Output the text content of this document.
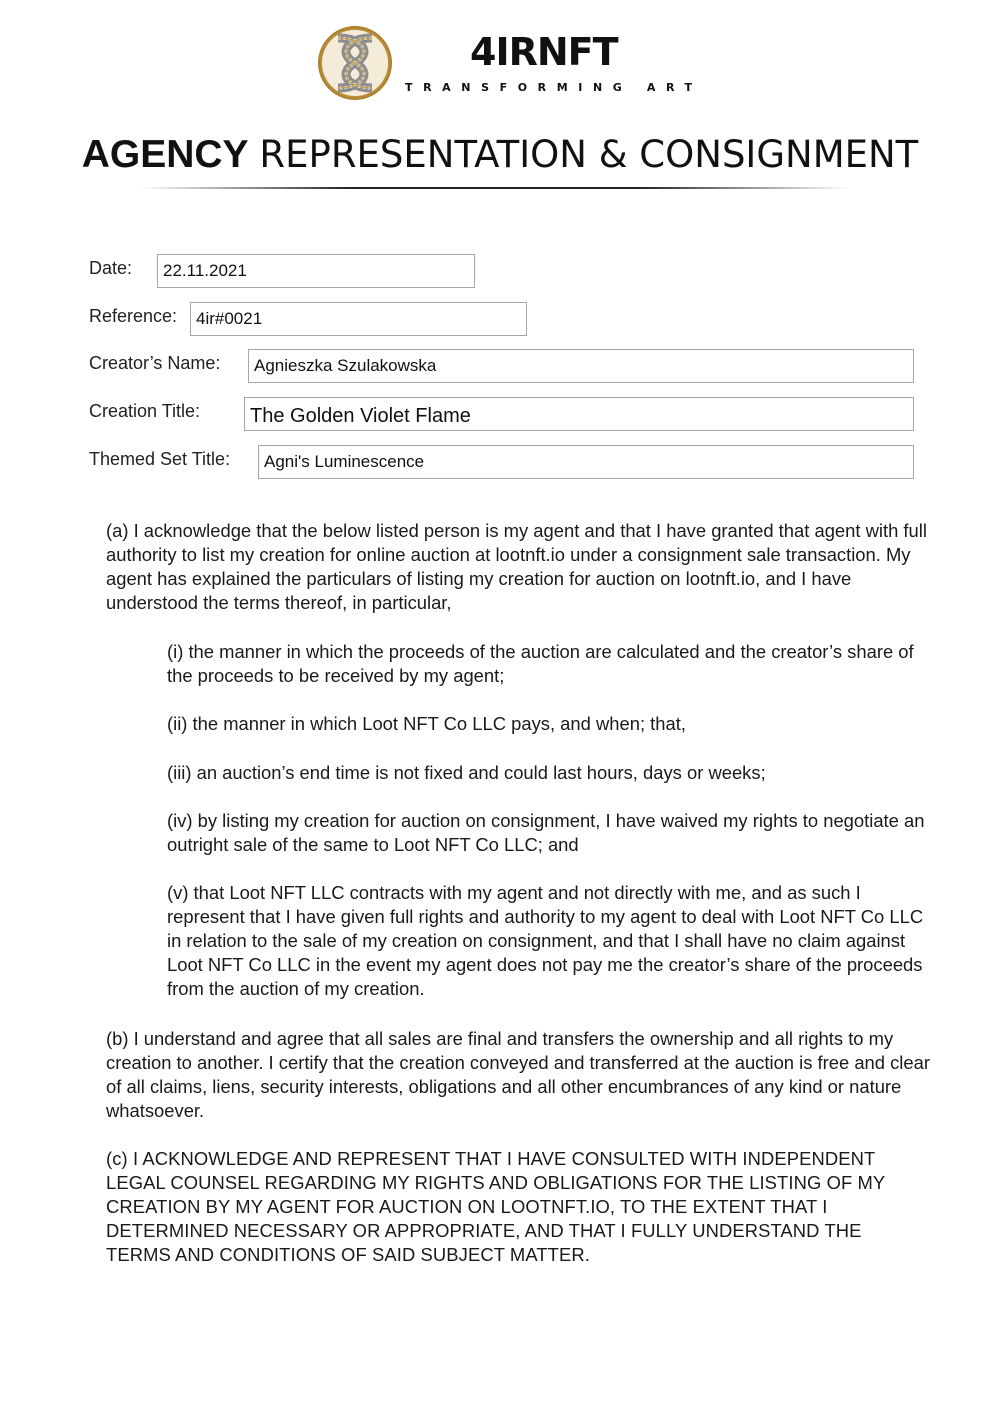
4IRNFT
TRANSFORMING ART
AGENCY REPRESENTATION & CONSIGNMENT
Date:	22.11.2021
Reference:	4ir#0021
Creator’s Name:	Agnieszka Szulakowska
Creation Title:	The Golden Violet Flame
Themed Set Title:	Agni's Luminescence

(a) I acknowledge that the below listed person is my agent and that I have granted that agent with full authority to list my creation for online auction at lootnft.io under a consignment sale transaction. My agent has explained the particulars of listing my creation for auction on lootnft.io, and I have understood the terms thereof, in particular,

(i) the manner in which the proceeds of the auction are calculated and the creator’s share of the proceeds to be received by my agent;

(ii) the manner in which Loot NFT Co LLC pays, and when; that,

(iii) an auction’s end time is not fixed and could last hours, days or weeks;

(iv) by listing my creation for auction on consignment, I have waived my rights to negotiate an outright sale of the same to Loot NFT Co LLC; and

(v) that Loot NFT LLC contracts with my agent and not directly with me, and as such I represent that I have given full rights and authority to my agent to deal with Loot NFT Co LLC in relation to the sale of my creation on consignment, and that I shall have no claim against Loot NFT Co LLC in the event my agent does not pay me the creator’s share of the proceeds from the auction of my creation.

(b) I understand and agree that all sales are final and transfers the ownership and all rights to my creation to another. I certify that the creation conveyed and transferred at the auction is free and clear of all claims, liens, security interests, obligations and all other encumbrances of any kind or nature whatsoever.

(c) I ACKNOWLEDGE AND REPRESENT THAT I HAVE CONSULTED WITH INDEPENDENT LEGAL COUNSEL REGARDING MY RIGHTS AND OBLIGATIONS FOR THE LISTING OF MY CREATION BY MY AGENT FOR AUCTION ON LOOTNFT.IO, TO THE EXTENT THAT I DETERMINED NECESSARY OR APPROPRIATE, AND THAT I FULLY UNDERSTAND THE TERMS AND CONDITIONS OF SAID SUBJECT MATTER.
